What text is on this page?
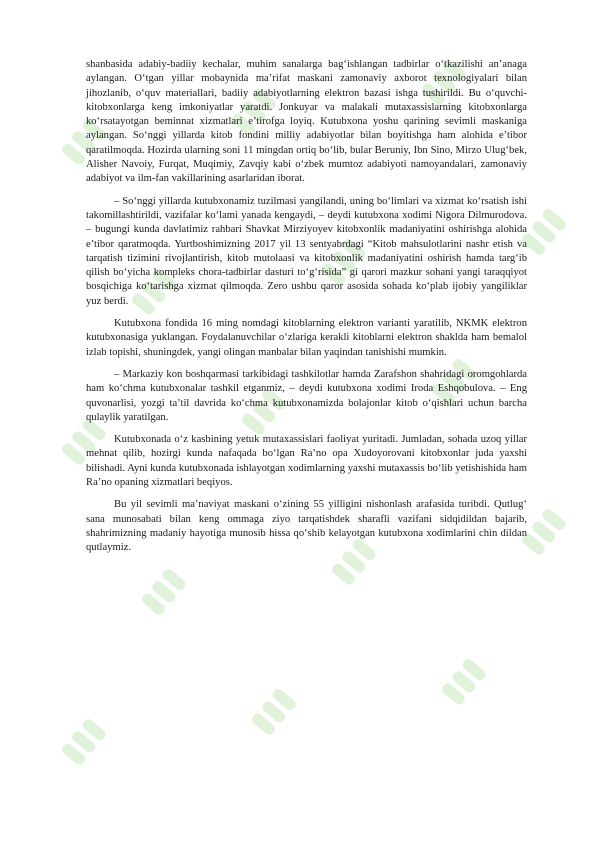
shanbasida adabiy-badiiy kechalar, muhim sanalarga bag‘ishlangan tadbirlar o‘tkazilishi an’anaga aylangan. O‘tgan yillar mobaynida ma’rifat maskani zamonaviy axborot texnologiyalari bilan jihozlanib, o‘quv materiallari, badiiy adabiyotlarning elektron bazasi ishga tushirildi. Bu o‘quvchi-kitobxonlarga keng imkoniyatlar yaratdi. Jonkuyar va malakali mutaxassislarning kitobxonlarga ko‘rsatayotgan beminnat xizmatlari e’tirofga loyiq. Kutubxona yoshu qarining sevimli maskaniga aylangan. So‘nggi yillarda kitob fondini milliy adabiyotlar bilan boyitishga ham alohida e’tibor qaratilmoqda. Hozirda ularning soni 11 mingdan ortiq bo‘lib, bular Beruniy, Ibn Sino, Mirzo Ulug‘bek, Alisher Navoiy, Furqat, Muqimiy, Zavqiy kabi o‘zbek mumtoz adabiyoti namoyandalari, zamonaviy adabiyot va ilm-fan vakillarining asarlaridan iborat.

– So‘nggi yillarda kutubxonamiz tuzilmasi yangilandi, uning bo‘limlari va xizmat ko‘rsatish ishi takomillashtirildi, vazifalar ko‘lami yanada kengaydi, – deydi kutubxona xodimi Nigora Dilmurodova. – bugungi kunda davlatimiz rahbari Shavkat Mirziyoyev kitobxonlik madaniyatini oshirishga alohida e’tibor qaratmoqda. Yurtboshimizning 2017 yil 13 sentyabrdagi “Kitob mahsulotlarini nashr etish va tarqatish tizimini rivojlantirish, kitob mutolaasi va kitobxonlik madaniyatini oshirish hamda targ‘ib qilish bo‘yicha kompleks chora-tadbirlar dasturi to‘g‘risida” gi qarori mazkur sohani yangi taraqqiyot bosqichiga ko‘tarishga xizmat qilmoqda. Zero ushbu qaror asosida sohada ko‘plab ijobiy yangiliklar yuz berdi.

Kutubxona fondida 16 ming nomdagi kitoblarning elektron varianti yaratilib, NKMK elektron kutubxonasiga yuklangan. Foydalanuvchilar o‘zlariga kerakli kitoblarni elektron shaklda ham bemalol izlab topishi, shuningdek, yangi olingan manbalar bilan yaqindan tanishishi mumkin.

– Markaziy kon boshqarmasi tarkibidagi tashkilotlar hamda Zarafshon shahridagi oromgohlarda ham ko‘chma kutubxonalar tashkil etganmiz, – deydi kutubxona xodimi Iroda Eshqobulova. – Eng quvonarlisi, yozgi ta’til davrida ko‘chma kutubxonamizda bolajonlar kitob o‘qishlari uchun barcha qulaylik yaratilgan.

Kutubxonada o‘z kasbining yetuk mutaxassislari faoliyat yuritadi. Jumladan, sohada uzoq yillar mehnat qilib, hozirgi kunda nafaqada bo‘lgan Ra’no opa Xudoyorovani kitobxonlar juda yaxshi bilishadi. Ayni kunda kutubxonada ishlayotgan xodimlarning yaxshi mutaxassis bo‘lib yetishishida ham Ra’no opaning xizmatlari beqiyos.

Bu yil sevimli ma’naviyat maskani o‘zining 55 yilligini nishonlash arafasida turibdi. Qutlug‘ sana munosabati bilan keng ommaga ziyo tarqatishdek sharafli vazifani sidqidildan bajarib, shahrimizning madaniy hayotiga munosib hissa qo‘shib kelayotgan kutubxona xodimlarini chin dildan qutlaymiz.
